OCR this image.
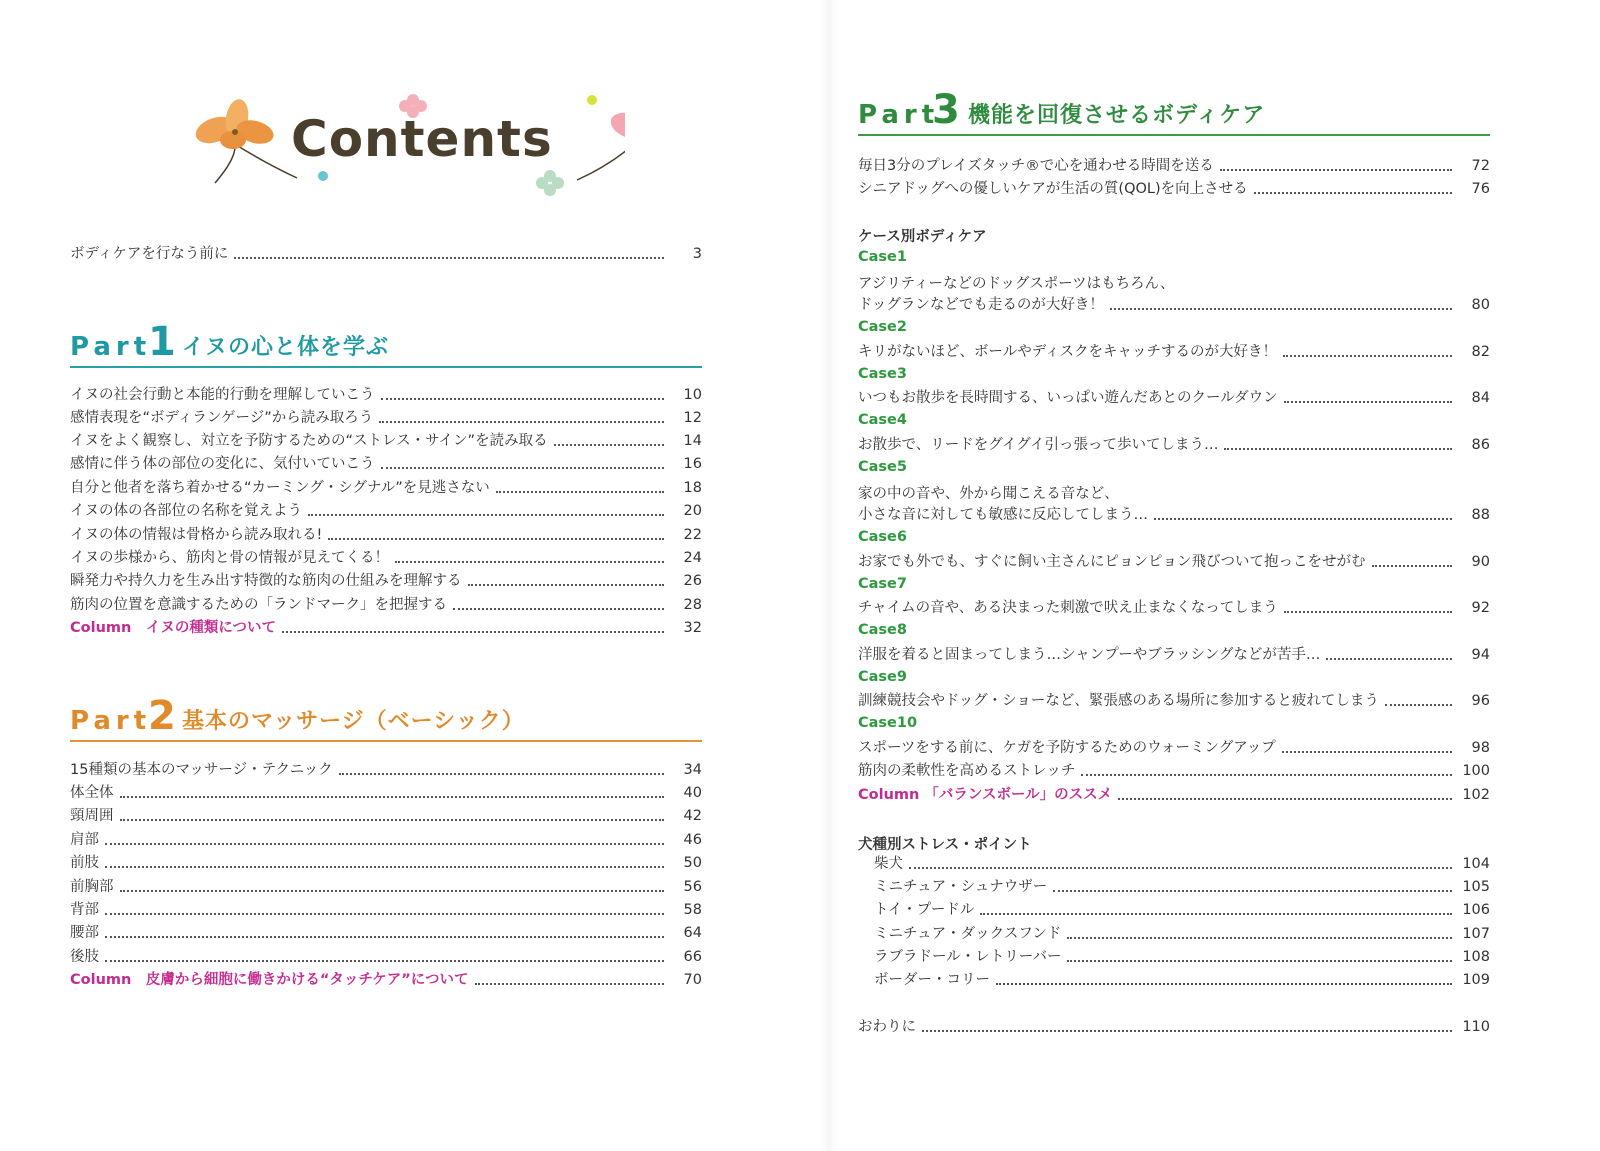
Contents
ボディケアを行なう前に	3
Part
1 イヌの心と体を学ぶ
イヌの社会行動と本能的行動を理解していこう	10
感情表現を“ボディランゲージ”から読み取ろう	12
イヌをよく観察し、対立を予防するための“ストレス・サイン”を読み取る	14
感情に伴う体の部位の変化に、気付いていこう	16
自分と他者を落ち着かせる“カーミング・シグナル”を見逃さない	18
イヌの体の各部位の名称を覚えよう	20
イヌの体の情報は骨格から読み取れる!	22
イヌの歩様から、筋肉と骨の情報が見えてくる！	24
瞬発力や持久力を生み出す特徴的な筋肉の仕組みを理解する	26
筋肉の位置を意識するための「ランドマーク」を把握する	28
Column　イヌの種類について	32
Part
2 基本のマッサージ（ベーシック）
15種類の基本のマッサージ・テクニック	34
体全体	40
頸周囲	42
肩部	46
前肢	50
前胸部	56
背部	58
腰部	64
後肢	66
Column　皮膚から細胞に働きかける“タッチケア”について	70
Part
3 機能を回復させるボディケア
毎日3分のプレイズタッチ®で心を通わせる時間を送る	72
シニアドッグへの優しいケアが生活の質(QOL)を向上させる	76
ケース別ボディケア
Case1
アジリティーなどのドッグスポーツはもちろん、
ドッグランなどでも走るのが大好き！	80
Case2
キリがないほど、ボールやディスクをキャッチするのが大好き！	82
Case3
いつもお散歩を長時間する、いっぱい遊んだあとのクールダウン	84
Case4
お散歩で、リードをグイグイ引っ張って歩いてしまう…	86
Case5
家の中の音や、外から聞こえる音など、
小さな音に対しても敏感に反応してしまう…	88
Case6
お家でも外でも、すぐに飼い主さんにピョンピョン飛びついて抱っこをせがむ	90
Case7
チャイムの音や、ある決まった刺激で吠え止まなくなってしまう	92
Case8
洋服を着ると固まってしまう…シャンプーやブラッシングなどが苦手…	94
Case9
訓練競技会やドッグ・ショーなど、緊張感のある場所に参加すると疲れてしまう	96
Case10
スポーツをする前に、ケガを予防するためのウォーミングアップ	98
筋肉の柔軟性を高めるストレッチ	100
Column 「バランスボール」のススメ	102
犬種別ストレス・ポイント
柴犬	104
ミニチュア・シュナウザー	105
トイ・プードル	106
ミニチュア・ダックスフンド	107
ラブラドール・レトリーバー	108
ボーダー・コリー	109
おわりに	110
